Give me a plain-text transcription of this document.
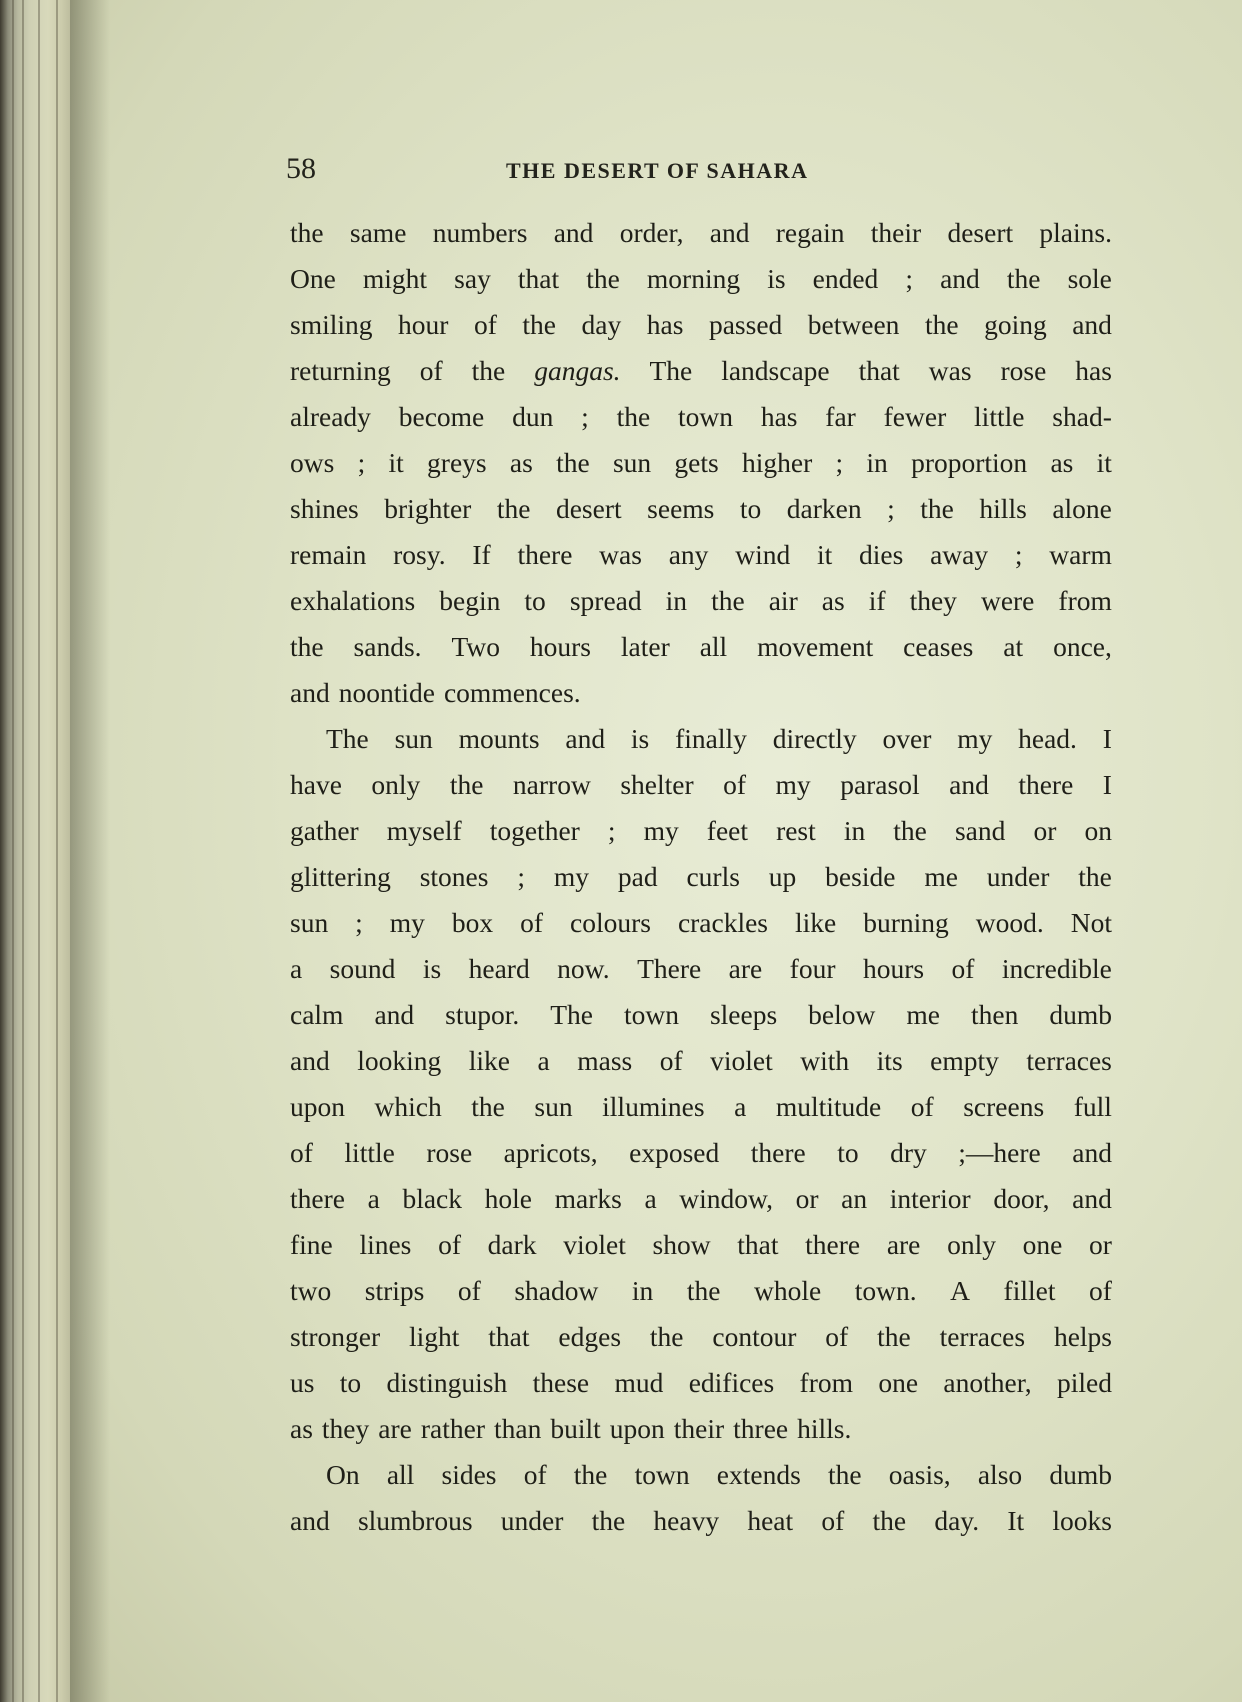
58	THE DESERT OF SAHARA
the same numbers and order, and regain their desert plains.
One might say that the morning is ended ; and the sole
smiling hour of the day has passed between the going and
returning of the gangas. The landscape that was rose has
already become dun ; the town has far fewer little shad-
ows ; it greys as the sun gets higher ; in proportion as it
shines brighter the desert seems to darken ; the hills alone
remain rosy. If there was any wind it dies away ; warm
exhalations begin to spread in the air as if they were from
the sands. Two hours later all movement ceases at once,
and noontide commences.
The sun mounts and is finally directly over my head. I
have only the narrow shelter of my parasol and there I
gather myself together ; my feet rest in the sand or on
glittering stones ; my pad curls up beside me under the
sun ; my box of colours crackles like burning wood. Not
a sound is heard now. There are four hours of incredible
calm and stupor. The town sleeps below me then dumb
and looking like a mass of violet with its empty terraces
upon which the sun illumines a multitude of screens full
of little rose apricots, exposed there to dry ;—here and
there a black hole marks a window, or an interior door, and
fine lines of dark violet show that there are only one or
two strips of shadow in the whole town. A fillet of
stronger light that edges the contour of the terraces helps
us to distinguish these mud edifices from one another, piled
as they are rather than built upon their three hills.
On all sides of the town extends the oasis, also dumb
and slumbrous under the heavy heat of the day. It looks
